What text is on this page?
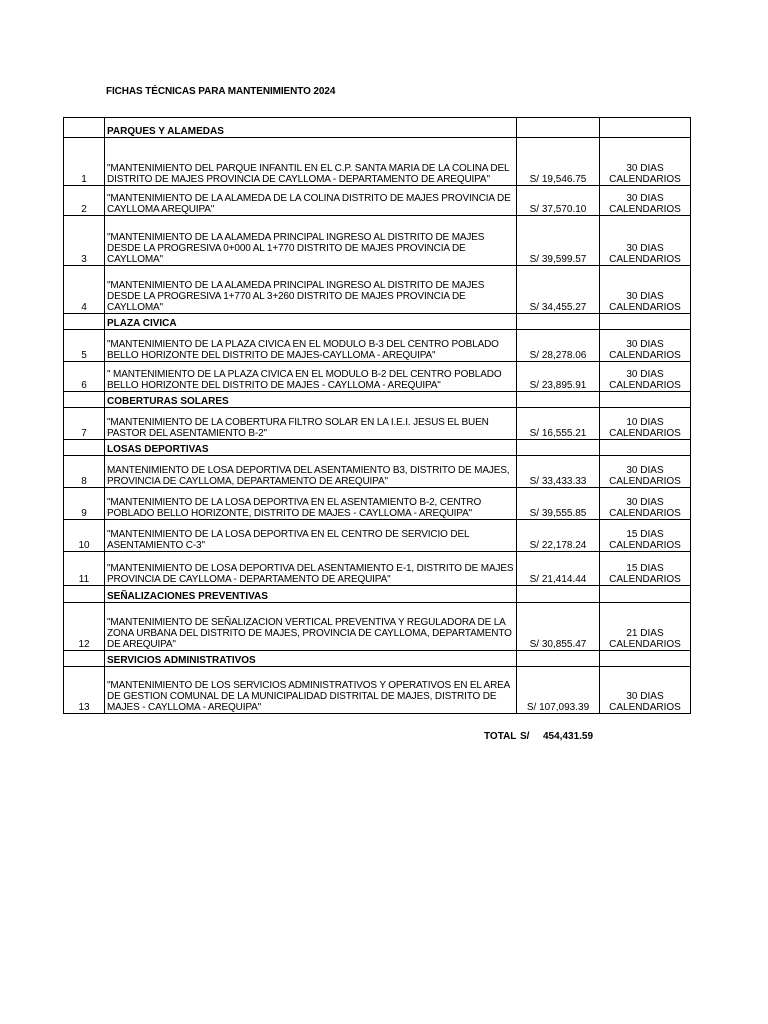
FICHAS TÉCNICAS PARA MANTENIMIENTO 2024
	PARQUES Y ALAMEDAS		
1	"MANTENIMIENTO DEL PARQUE INFANTIL EN EL C.P. SANTA MARIA DE LA COLINA DEL DISTRITO DE MAJES PROVINCIA DE CAYLLOMA - DEPARTAMENTO DE AREQUIPA"	S/ 19,546.75	30 DIAS CALENDARIOS
2	"MANTENIMIENTO DE LA ALAMEDA DE LA COLINA DISTRITO DE MAJES PROVINCIA DE CAYLLOMA AREQUIPA"	S/ 37,570.10	30 DIAS CALENDARIOS
3	"MANTENIMIENTO DE LA ALAMEDA PRINCIPAL INGRESO AL DISTRITO DE MAJES DESDE LA PROGRESIVA 0+000 AL 1+770 DISTRITO DE MAJES PROVINCIA DE CAYLLOMA"	S/ 39,599.57	30 DIAS CALENDARIOS
4	"MANTENIMIENTO DE LA ALAMEDA PRINCIPAL INGRESO AL DISTRITO DE MAJES DESDE LA PROGRESIVA 1+770 AL 3+260 DISTRITO DE MAJES PROVINCIA DE CAYLLOMA"	S/ 34,455.27	30 DIAS CALENDARIOS
	PLAZA CIVICA		
5	"MANTENIMIENTO DE LA PLAZA CIVICA EN EL MODULO B-3 DEL CENTRO POBLADO BELLO HORIZONTE DEL DISTRITO DE MAJES-CAYLLOMA - AREQUIPA"	S/ 28,278.06	30 DIAS CALENDARIOS
6	" MANTENIMIENTO DE LA PLAZA CIVICA EN EL MODULO B-2 DEL CENTRO POBLADO BELLO HORIZONTE DEL DISTRITO DE MAJES - CAYLLOMA - AREQUIPA"	S/ 23,895.91	30 DIAS CALENDARIOS
	COBERTURAS SOLARES		
7	"MANTENIMIENTO DE LA COBERTURA FILTRO SOLAR EN LA I.E.I. JESUS EL BUEN PASTOR DEL ASENTAMIENTO B-2"	S/ 16,555.21	10 DIAS CALENDARIOS
	LOSAS DEPORTIVAS		
8	MANTENIMIENTO DE LOSA DEPORTIVA DEL ASENTAMIENTO B3, DISTRITO DE MAJES, PROVINCIA DE CAYLLOMA, DEPARTAMENTO DE AREQUIPA"	S/ 33,433.33	30 DIAS CALENDARIOS
9	"MANTENIMIENTO DE LA LOSA DEPORTIVA EN EL ASENTAMIENTO B-2, CENTRO POBLADO BELLO HORIZONTE, DISTRITO DE MAJES - CAYLLOMA - AREQUIPA"	S/ 39,555.85	30 DIAS CALENDARIOS
10	"MANTENIMIENTO DE LA LOSA DEPORTIVA EN EL CENTRO DE SERVICIO DEL ASENTAMIENTO C-3"	S/ 22,178.24	15 DIAS CALENDARIOS
11	"MANTENIMIENTO DE LOSA DEPORTIVA DEL ASENTAMIENTO E-1, DISTRITO DE MAJES PROVINCIA DE CAYLLOMA - DEPARTAMENTO DE AREQUIPA"	S/ 21,414.44	15 DIAS CALENDARIOS
	SEÑALIZACIONES PREVENTIVAS		
12	"MANTENIMIENTO DE SEÑALIZACION VERTICAL PREVENTIVA Y REGULADORA DE LA ZONA URBANA DEL DISTRITO DE MAJES, PROVINCIA DE CAYLLOMA, DEPARTAMENTO DE AREQUIPA"	S/ 30,855.47	21 DIAS CALENDARIOS
	SERVICIOS ADMINISTRATIVOS		
13	"MANTENIMIENTO DE LOS SERVICIOS ADMINISTRATIVOS Y OPERATIVOS EN EL AREA DE GESTION COMUNAL DE LA MUNICIPALIDAD DISTRITAL DE MAJES, DISTRITO DE MAJES - CAYLLOMA - AREQUIPA"	S/ 107,093.39	30 DIAS CALENDARIOS
TOTAL S/ 454,431.59
